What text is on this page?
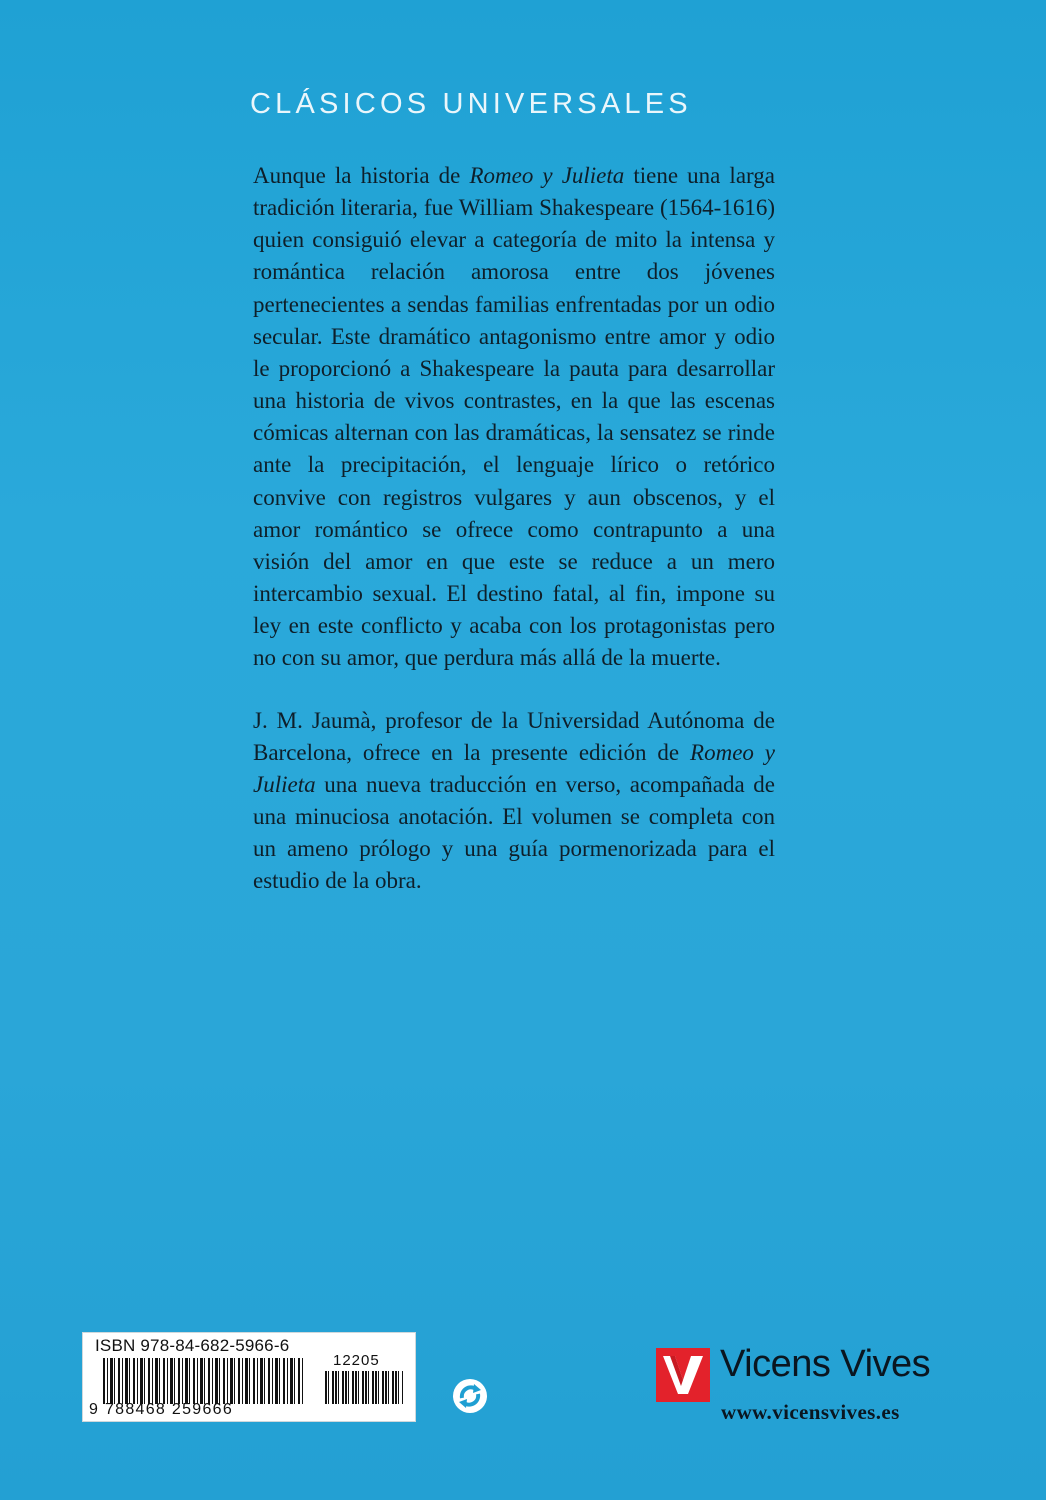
CLÁSICOS UNIVERSALES

Aunque la historia de Romeo y Julieta tiene una larga tradición literaria, fue William Shakespeare (1564-1616) quien consiguió elevar a categoría de mito la intensa y romántica relación amorosa entre dos jóvenes pertenecientes a sendas familias enfrentadas por un odio secular. Este dramático antagonismo entre amor y odio le proporcionó a Shakespeare la pauta para desarrollar una historia de vivos contrastes, en la que las escenas cómicas alternan con las dramáticas, la sensatez se rinde ante la precipitación, el lenguaje lírico o retórico convive con registros vulgares y aun obscenos, y el amor romántico se ofrece como contrapunto a una visión del amor en que este se reduce a un mero intercambio sexual. El destino fatal, al fin, impone su ley en este conflicto y acaba con los protagonistas pero no con su amor, que perdura más allá de la muerte.

J. M. Jaumà, profesor de la Universidad Autónoma de Barcelona, ofrece en la presente edición de Romeo y Julieta una nueva traducción en verso, acompañada de una minuciosa anotación. El volumen se completa con un ameno prólogo y una guía pormenorizada para el estudio de la obra.

ISBN 978-84-682-5966-6
12205
9 788468 259666
Vicens Vives
www.vicensvives.es
